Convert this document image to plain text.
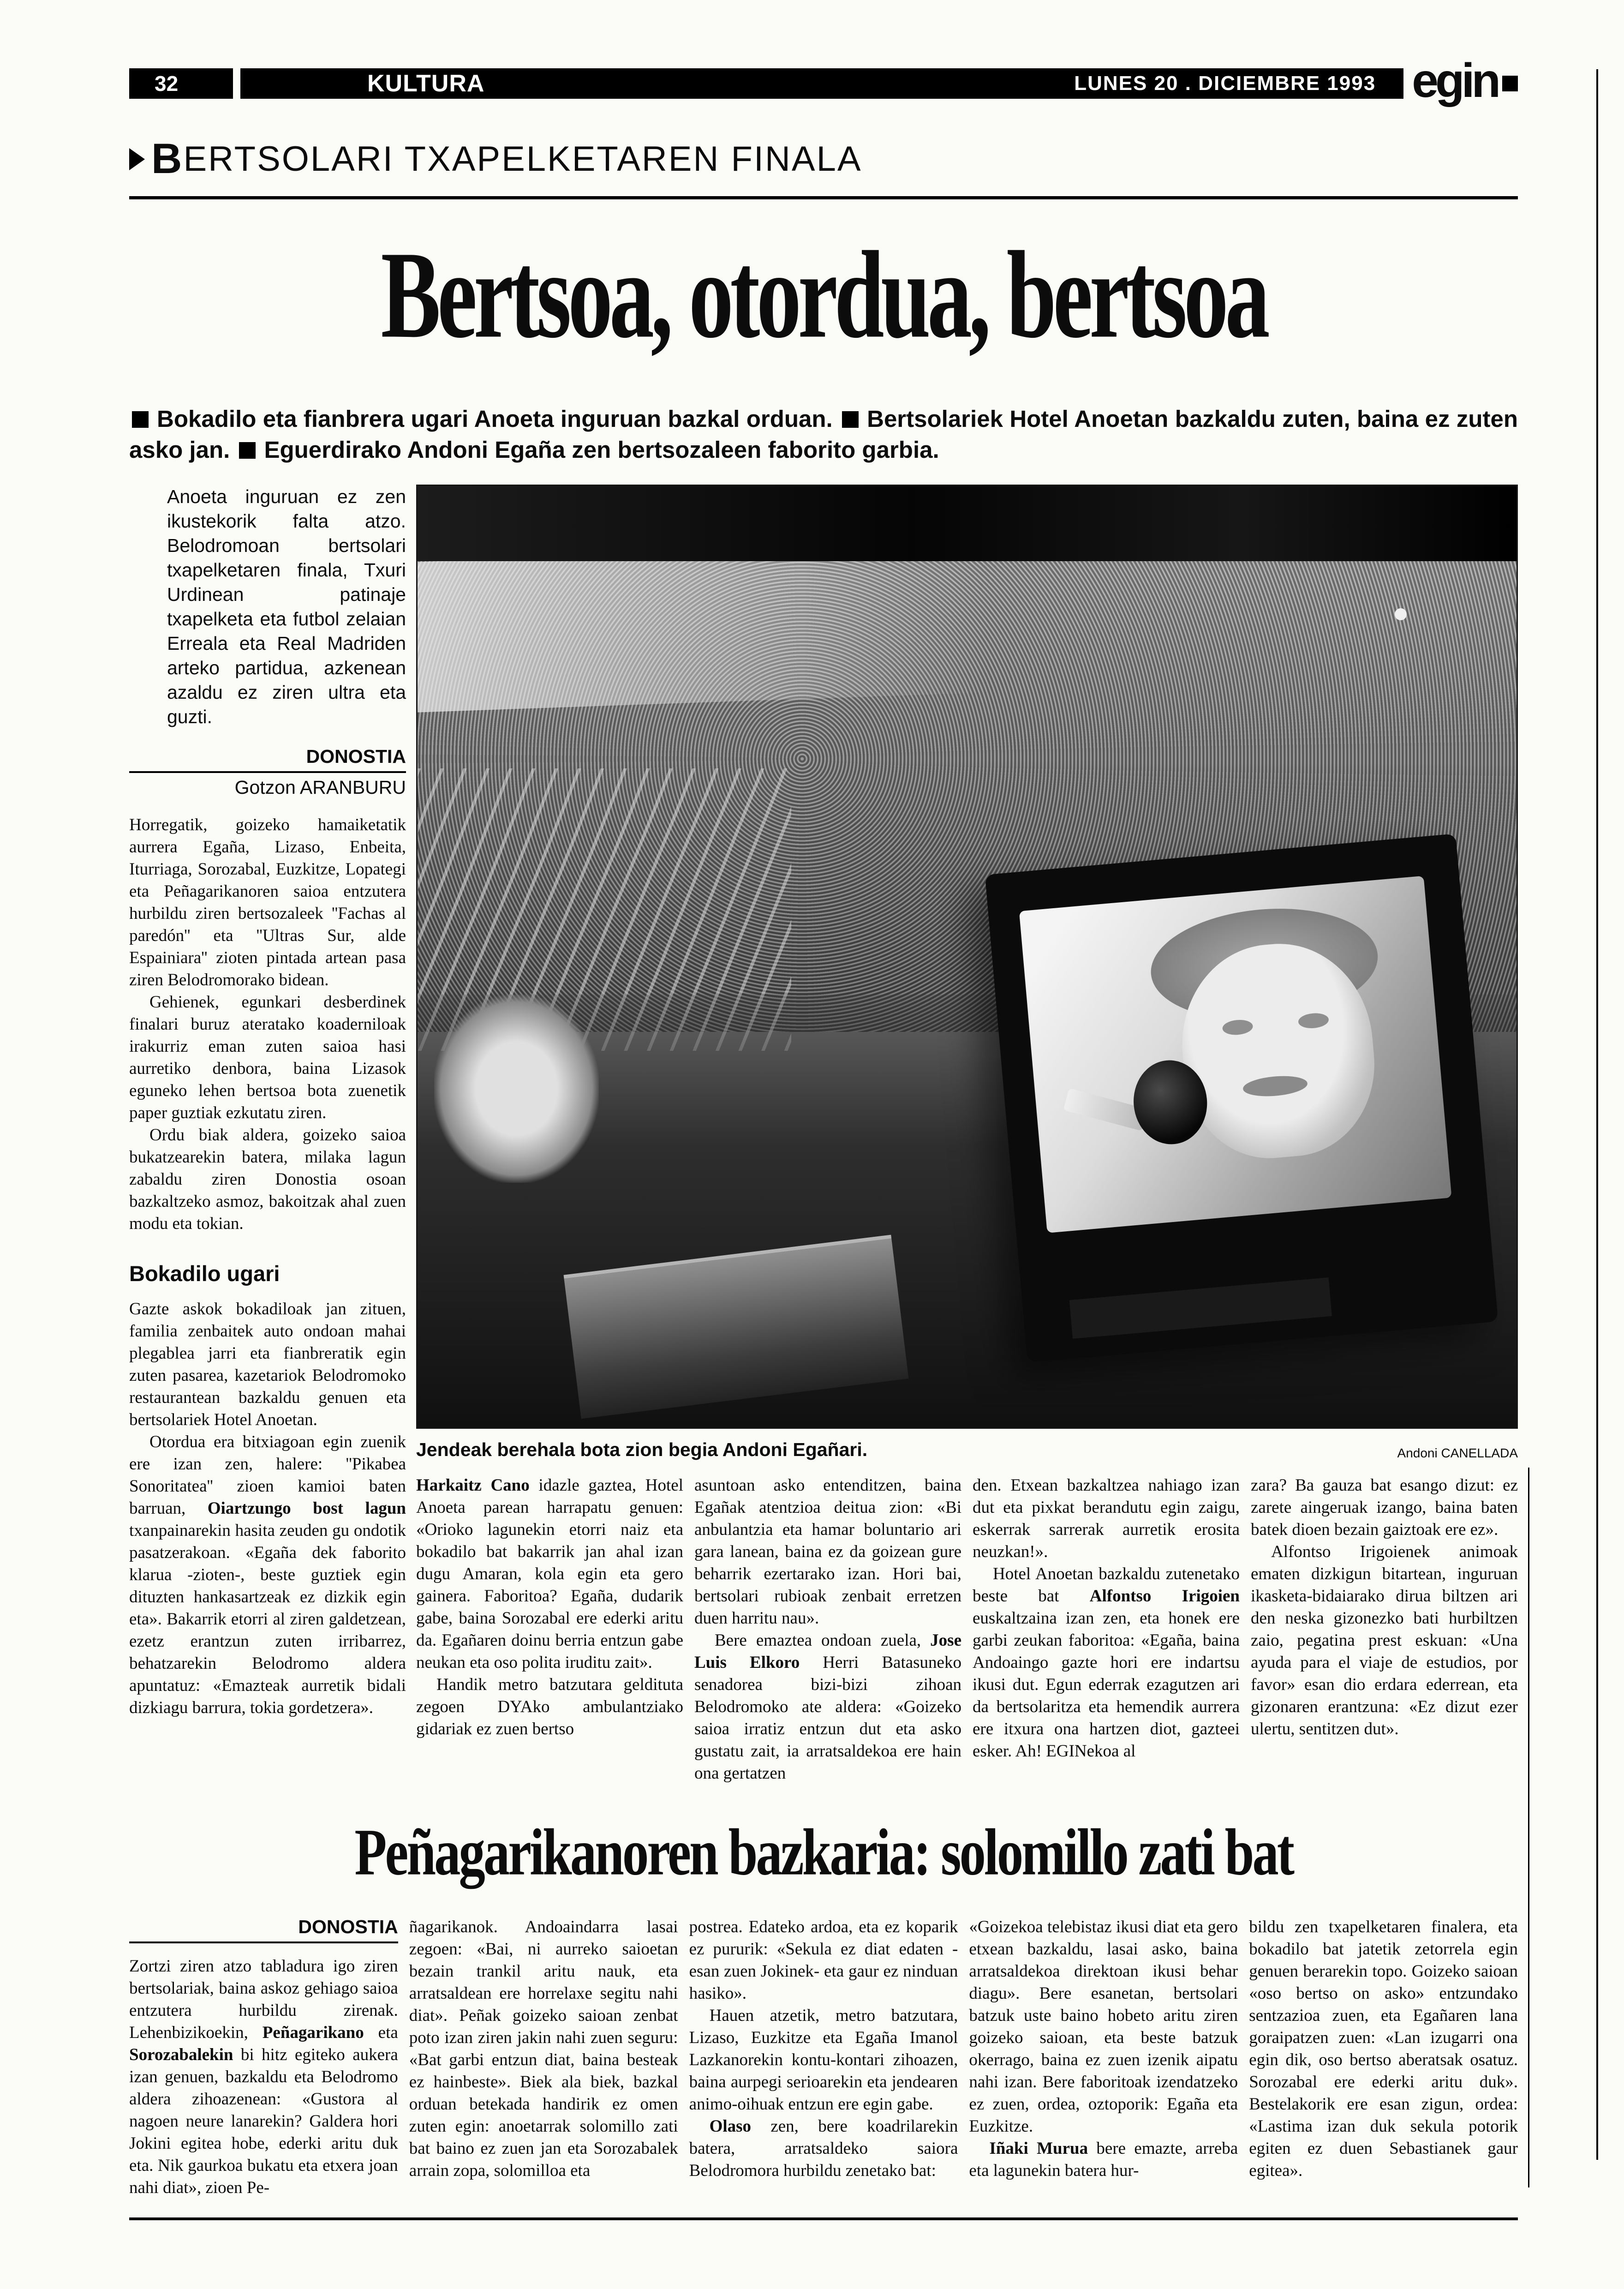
32	KULTURA	LUNES 20 . DICIEMBRE 1993 egin
B ERTSOLARI TXAPELKETAREN FINALA
Bertsoa, otordua, bertsoa

Bokadilo eta fianbrera ugari Anoeta inguruan bazkal orduan. Bertsolariek Hotel Anoetan bazkaldu zuten, baina ez zuten asko jan. Eguerdirako Andoni Egaña zen bertsozaleen faborito garbia.

Anoeta inguruan ez zen ikustekorik falta atzo. Belodromoan bertsolari txapelketaren finala, Txuri Urdinean patinaje txapelketa eta futbol zelaian Erreala eta Real Madriden arteko partidua, azkenean azaldu ez ziren ultra eta guzti.

DONOSTIA
Gotzon ARANBURU

Horregatik, goizeko hamaiketatik aurrera Egaña, Lizaso, Enbeita, Iturriaga, Sorozabal, Euzkitze, Lopategi eta Peñagarikanoren saioa entzutera hurbildu ziren bertsozaleek ''Fachas al paredón'' eta ''Ultras Sur, alde Espainiara'' zioten pintada artean pasa ziren Belodromorako bidean.

Gehienek, egunkari desberdinek finalari buruz ateratako koaderniloak irakurriz eman zuten saioa hasi aurretiko denbora, baina Lizasok eguneko lehen bertsoa bota zuenetik paper guztiak ezkutatu ziren.

Ordu biak aldera, goizeko saioa bukatzearekin batera, milaka lagun zabaldu ziren Donostia osoan bazkaltzeko asmoz, bakoitzak ahal zuen modu eta tokian.

Bokadilo ugari

Gazte askok bokadiloak jan zituen, familia zenbaitek auto ondoan mahai plegablea jarri eta fianbreratik egin zuten pasarea, kazetariok Belodromoko restaurantean bazkaldu genuen eta bertsolariek Hotel Anoetan.

Otordua era bitxiagoan egin zuenik ere izan zen, halere: ''Pikabea Sonoritatea'' zioen kamioi baten barruan, Oiartzungo bost lagun txanpainarekin hasita zeuden gu ondotik pasatzerakoan. «Egaña dek faborito klarua -zioten-, beste guztiek egin dituzten hankasartzeak ez dizkik egin eta». Bakarrik etorri al ziren galdetzean, ezetz erantzun zuten irribarrez, behatzarekin Belodromo aldera apuntatuz: «Emazteak aurretik bidali dizkiagu barrura, tokia gordetzera».

Jendeak berehala bota zion begia Andoni Egañari.	Andoni CANELLADA

Harkaitz Cano idazle gaztea, Hotel Anoeta parean harrapatu genuen: «Orioko lagunekin etorri naiz eta bokadilo bat bakarrik jan ahal izan dugu Amaran, kola egin eta gero gainera. Faboritoa? Egaña, dudarik gabe, baina Sorozabal ere ederki aritu da. Egañaren doinu berria entzun gabe neukan eta oso polita iruditu zait».

Handik metro batzutara geldituta zegoen DYAko ambulantziako gidariak ez zuen bertso

asuntoan asko entenditzen, baina Egañak atentzioa deitua zion: «Bi anbulantzia eta hamar boluntario ari gara lanean, baina ez da goizean gure beharrik ezertarako izan. Hori bai, bertsolari rubioak zenbait erretzen duen harritu nau».

Bere emaztea ondoan zuela, Jose Luis Elkoro Herri Batasuneko senadorea bizi-bizi zihoan Belodromoko ate aldera: «Goizeko saioa irratiz entzun dut eta asko gustatu zait, ia arratsaldekoa ere hain ona gertatzen

den. Etxean bazkaltzea nahiago izan dut eta pixkat berandutu egin zaigu, eskerrak sarrerak aurretik erosita neuzkan!».

Hotel Anoetan bazkaldu zutenetako beste bat Alfontso Irigoien euskaltzaina izan zen, eta honek ere garbi zeukan faboritoa: «Egaña, baina Andoaingo gazte hori ere indartsu ikusi dut. Egun ederrak ezagutzen ari da bertsolaritza eta hemendik aurrera ere itxura ona hartzen diot, gazteei esker. Ah! EGINekoa al

zara? Ba gauza bat esango dizut: ez zarete aingeruak izango, baina baten batek dioen bezain gaiztoak ere ez».

Alfontso Irigoienek animoak ematen dizkigun bitartean, inguruan ikasketa-bidaiarako dirua biltzen ari den neska gizonezko bati hurbiltzen zaio, pegatina prest eskuan: «Una ayuda para el viaje de estudios, por favor» esan dio erdara ederrean, eta gizonaren erantzuna: «Ez dizut ezer ulertu, sentitzen dut».

Peñagarikanoren bazkaria: solomillo zati bat
DONOSTIA

Zortzi ziren atzo tabladura igo ziren bertsolariak, baina askoz gehiago saioa entzutera hurbildu zirenak. Lehenbizikoekin, Peñagarikano eta Sorozabalekin bi hitz egiteko aukera izan genuen, bazkaldu eta Belodromo aldera zihoazenean: «Gustora al nagoen neure lanarekin? Galdera hori Jokini egitea hobe, ederki aritu duk eta. Nik gaurkoa bukatu eta etxera joan nahi diat», zioen Pe-

ñagarikanok. Andoaindarra lasai zegoen: «Bai, ni aurreko saioetan bezain trankil aritu nauk, eta arratsaldean ere horrelaxe segitu nahi diat». Peñak goizeko saioan zenbat poto izan ziren jakin nahi zuen seguru: «Bat garbi entzun diat, baina besteak ez hainbeste». Biek ala biek, bazkal orduan betekada handirik ez omen zuten egin: anoetarrak solomillo zati bat baino ez zuen jan eta Sorozabalek arrain zopa, solomilloa eta

postrea. Edateko ardoa, eta ez koparik ez pururik: «Sekula ez diat edaten -esan zuen Jokinek- eta gaur ez ninduan hasiko».

Hauen atzetik, metro batzutara, Lizaso, Euzkitze eta Egaña Imanol Lazkanorekin kontu-kontari zihoazen, baina aurpegi serioarekin eta jendearen animo-oihuak entzun ere egin gabe.

Olaso zen, bere koadrilarekin batera, arratsaldeko saiora Belodromora hurbildu zenetako bat:

«Goizekoa telebistaz ikusi diat eta gero etxean bazkaldu, lasai asko, baina arratsaldekoa direktoan ikusi behar diagu». Bere esanetan, bertsolari batzuk uste baino hobeto aritu ziren goizeko saioan, eta beste batzuk okerrago, baina ez zuen izenik aipatu nahi izan. Bere faboritoak izendatzeko ez zuen, ordea, oztoporik: Egaña eta Euzkitze.

Iñaki Murua bere emazte, arreba eta lagunekin batera hur-

bildu zen txapelketaren finalera, eta bokadilo bat jatetik zetorrela egin genuen berarekin topo. Goizeko saioan «oso bertso on asko» entzundako sentzazioa zuen, eta Egañaren lana goraipatzen zuen: «Lan izugarri ona egin dik, oso bertso aberatsak osatuz. Sorozabal ere ederki aritu duk». Bestelakorik ere esan zigun, ordea: «Lastima izan duk sekula potorik egiten ez duen Sebastianek gaur egitea».
